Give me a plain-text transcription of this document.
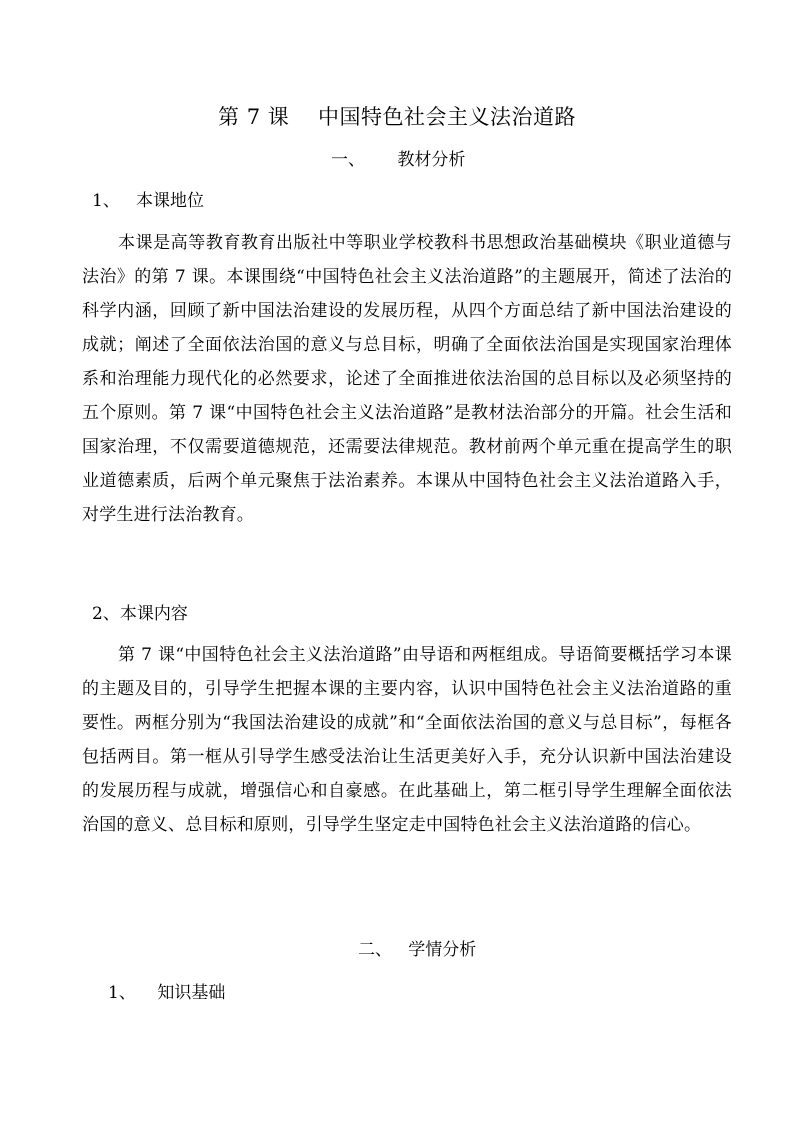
第 7 课    中国特色社会主义法治道路
一、      教材分析
1、   本课地位
本课是高等教育教育出版社中等职业学校教科书思想政治基础模块《职业道德与法治》的第 7 课。本课围绕“中国特色社会主义法治道路”的主题展开，简述了法治的科学内涵，回顾了新中国法治建设的发展历程，从四个方面总结了新中国法治建设的成就；阐述了全面依法治国的意义与总目标，明确了全面依法治国是实现国家治理体系和治理能力现代化的必然要求，论述了全面推进依法治国的总目标以及必须坚持的五个原则。第 7 课“中国特色社会主义法治道路”是教材法治部分的开篇。社会生活和国家治理，不仅需要道德规范，还需要法律规范。教材前两个单元重在提高学生的职业道德素质，后两个单元聚焦于法治素养。本课从中国特色社会主义法治道路入手，对学生进行法治教育。
2、本课内容
第 7 课“中国特色社会主义法治道路”由导语和两框组成。导语简要概括学习本课的主题及目的，引导学生把握本课的主要内容，认识中国特色社会主义法治道路的重要性。两框分别为“我国法治建设的成就”和“全面依法治国的意义与总目标”，每框各包括两目。第一框从引导学生感受法治让生活更美好入手，充分认识新中国法治建设的发展历程与成就，增强信心和自豪感。在此基础上，第二框引导学生理解全面依法治国的意义、总目标和原则，引导学生坚定走中国特色社会主义法治道路的信心。
二、   学情分析
1、    知识基础
